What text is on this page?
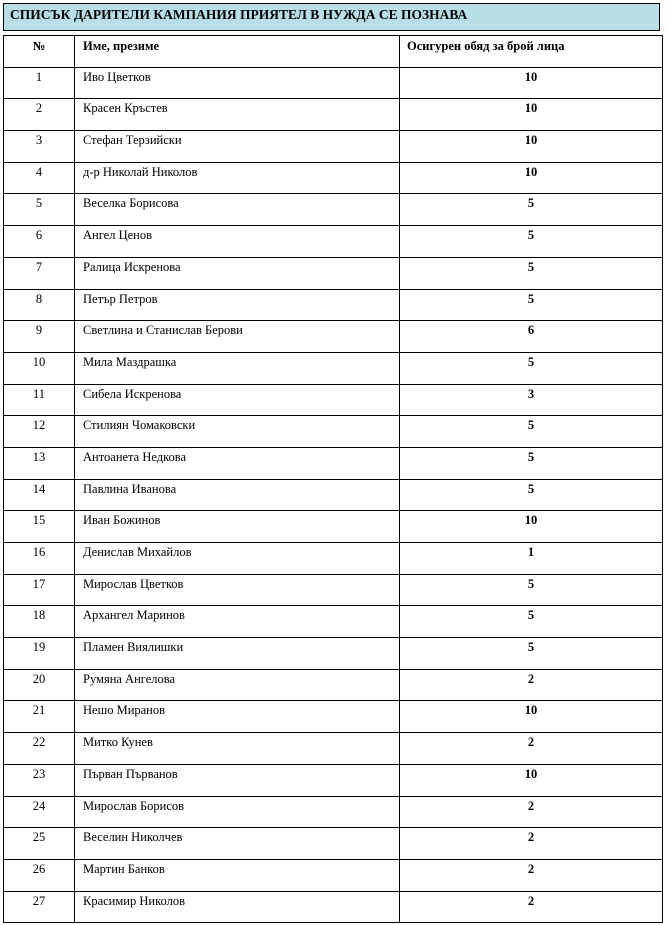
СПИСЪК ДАРИТЕЛИ КАМПАНИЯ ПРИЯТЕЛ В НУЖДА СЕ ПОЗНАВА
№	Име, презиме	Осигурен обяд за брой лица
1	Иво Цветков	10
2	Красен Кръстев	10
3	Стефан Терзийски	10
4	д-р Николай Николов	10
5	Веселка Борисова	5
6	Ангел Ценов	5
7	Ралица Искренова	5
8	Петър Петров	5
9	Светлина и Станислав Берови	6
10	Мила Маздрашка	5
11	Сибела Искренова	3
12	Стилиян Чомаковски	5
13	Антоанета Недкова	5
14	Павлина Иванова	5
15	Иван Божинов	10
16	Денислав Михайлов	1
17	Мирослав Цветков	5
18	Архангел Маринов	5
19	Пламен Виялишки	5
20	Румяна Ангелова	2
21	Нешо Миранов	10
22	Митко Кунев	2
23	Първан Първанов	10
24	Мирослав Борисов	2
25	Веселин Николчев	2
26	Мартин Банков	2
27	Красимир Николов	2
